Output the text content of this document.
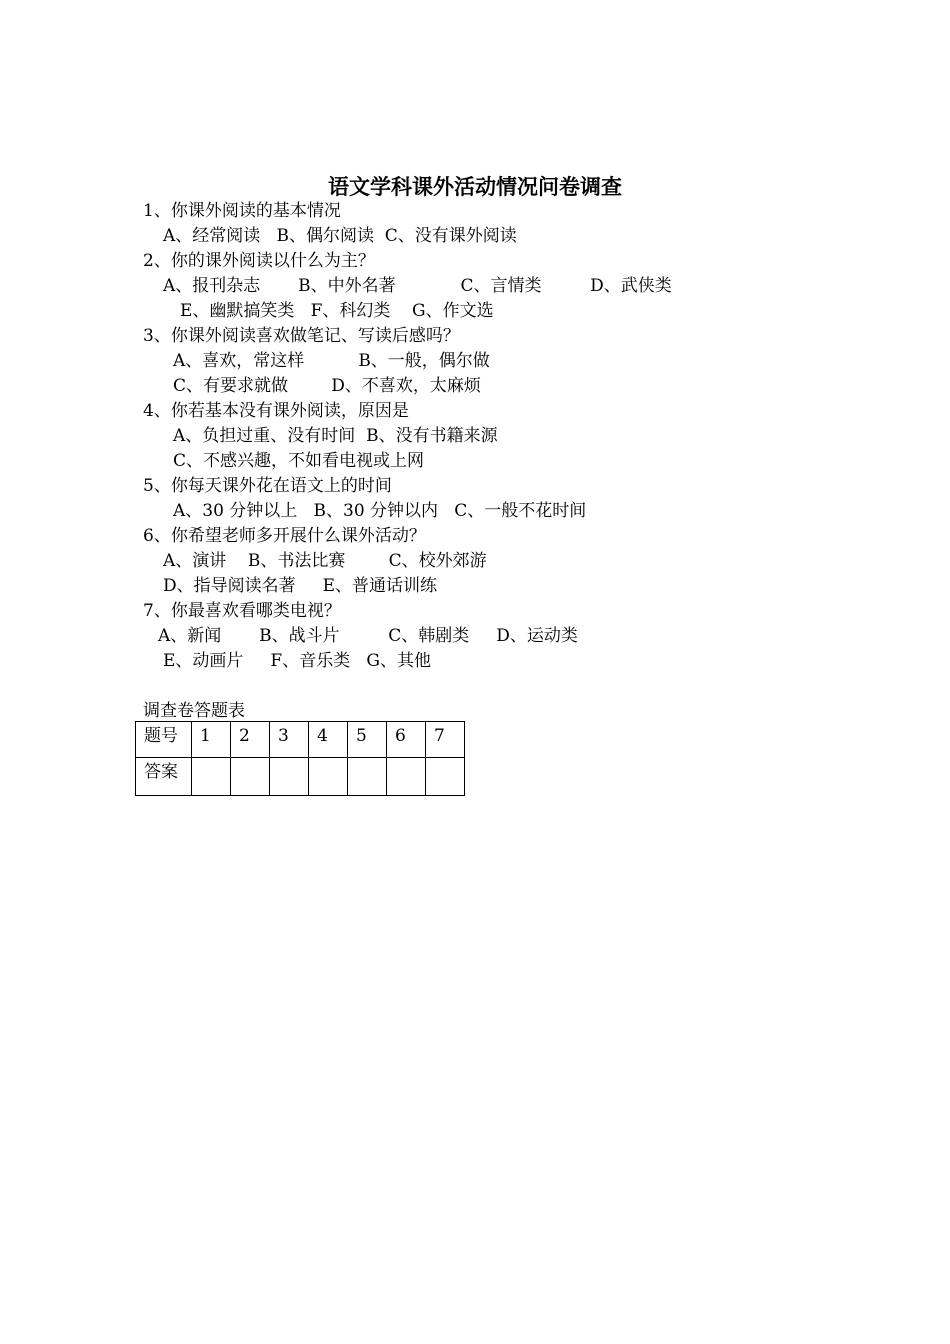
语文学科课外活动情况问卷调查
1、你课外阅读的基本情况
A、经常阅读   B、偶尔阅读  C、没有课外阅读
2、你的课外阅读以什么为主？
A、报刊杂志       B、中外名著            C、言情类         D、武侠类
E、幽默搞笑类   F、科幻类    G、作文选
3、你课外阅读喜欢做笔记、写读后感吗？
A、喜欢，常这样          B、一般，偶尔做
C、有要求就做        D、不喜欢，太麻烦
4、你若基本没有课外阅读，原因是
A、负担过重、没有时间  B、没有书籍来源
C、不感兴趣，不如看电视或上网
5、你每天课外花在语文上的时间
A、30 分钟以上   B、30 分钟以内   C、一般不花时间
6、你希望老师多开展什么课外活动？
A、演讲    B、书法比赛        C、校外郊游
D、指导阅读名著     E、普通话训练
7、你最喜欢看哪类电视？
A、新闻       B、战斗片         C、韩剧类     D、运动类
E、动画片     F、音乐类   G、其他
调查卷答题表
题号	1	2	3	4	5	6	7
答案							
